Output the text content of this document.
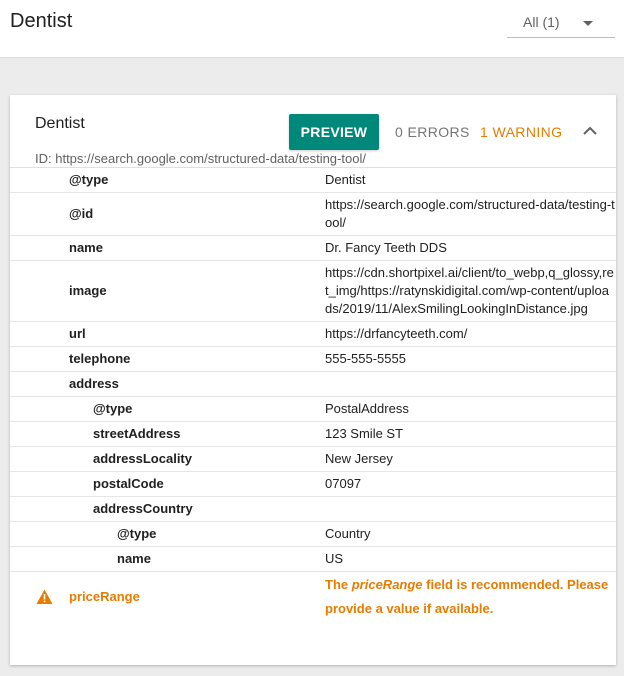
Dentist	All (1)
Dentist	PREVIEW	0 ERRORS 1 WARNING
ID: https://search.google.com/structured-data/testing-tool/
@type	Dentist
@id	https://search.google.com/structured-data/testing-tool/
name	Dr. Fancy Teeth DDS
image	https://cdn.shortpixel.ai/client/to_webp,q_glossy,ret_img/https://ratynskidigital.com/wp-content/uploads/2019/11/AlexSmilingLookingInDistance.jpg
url	https://drfancyteeth.com/
telephone	555-555-5555
address	
@type	PostalAddress
streetAddress	123 Smile ST
addressLocality	New Jersey
postalCode	07097
addressCountry	
@type	Country
name	US

priceRange	The priceRange field is recommended. Please provide a value if available.
